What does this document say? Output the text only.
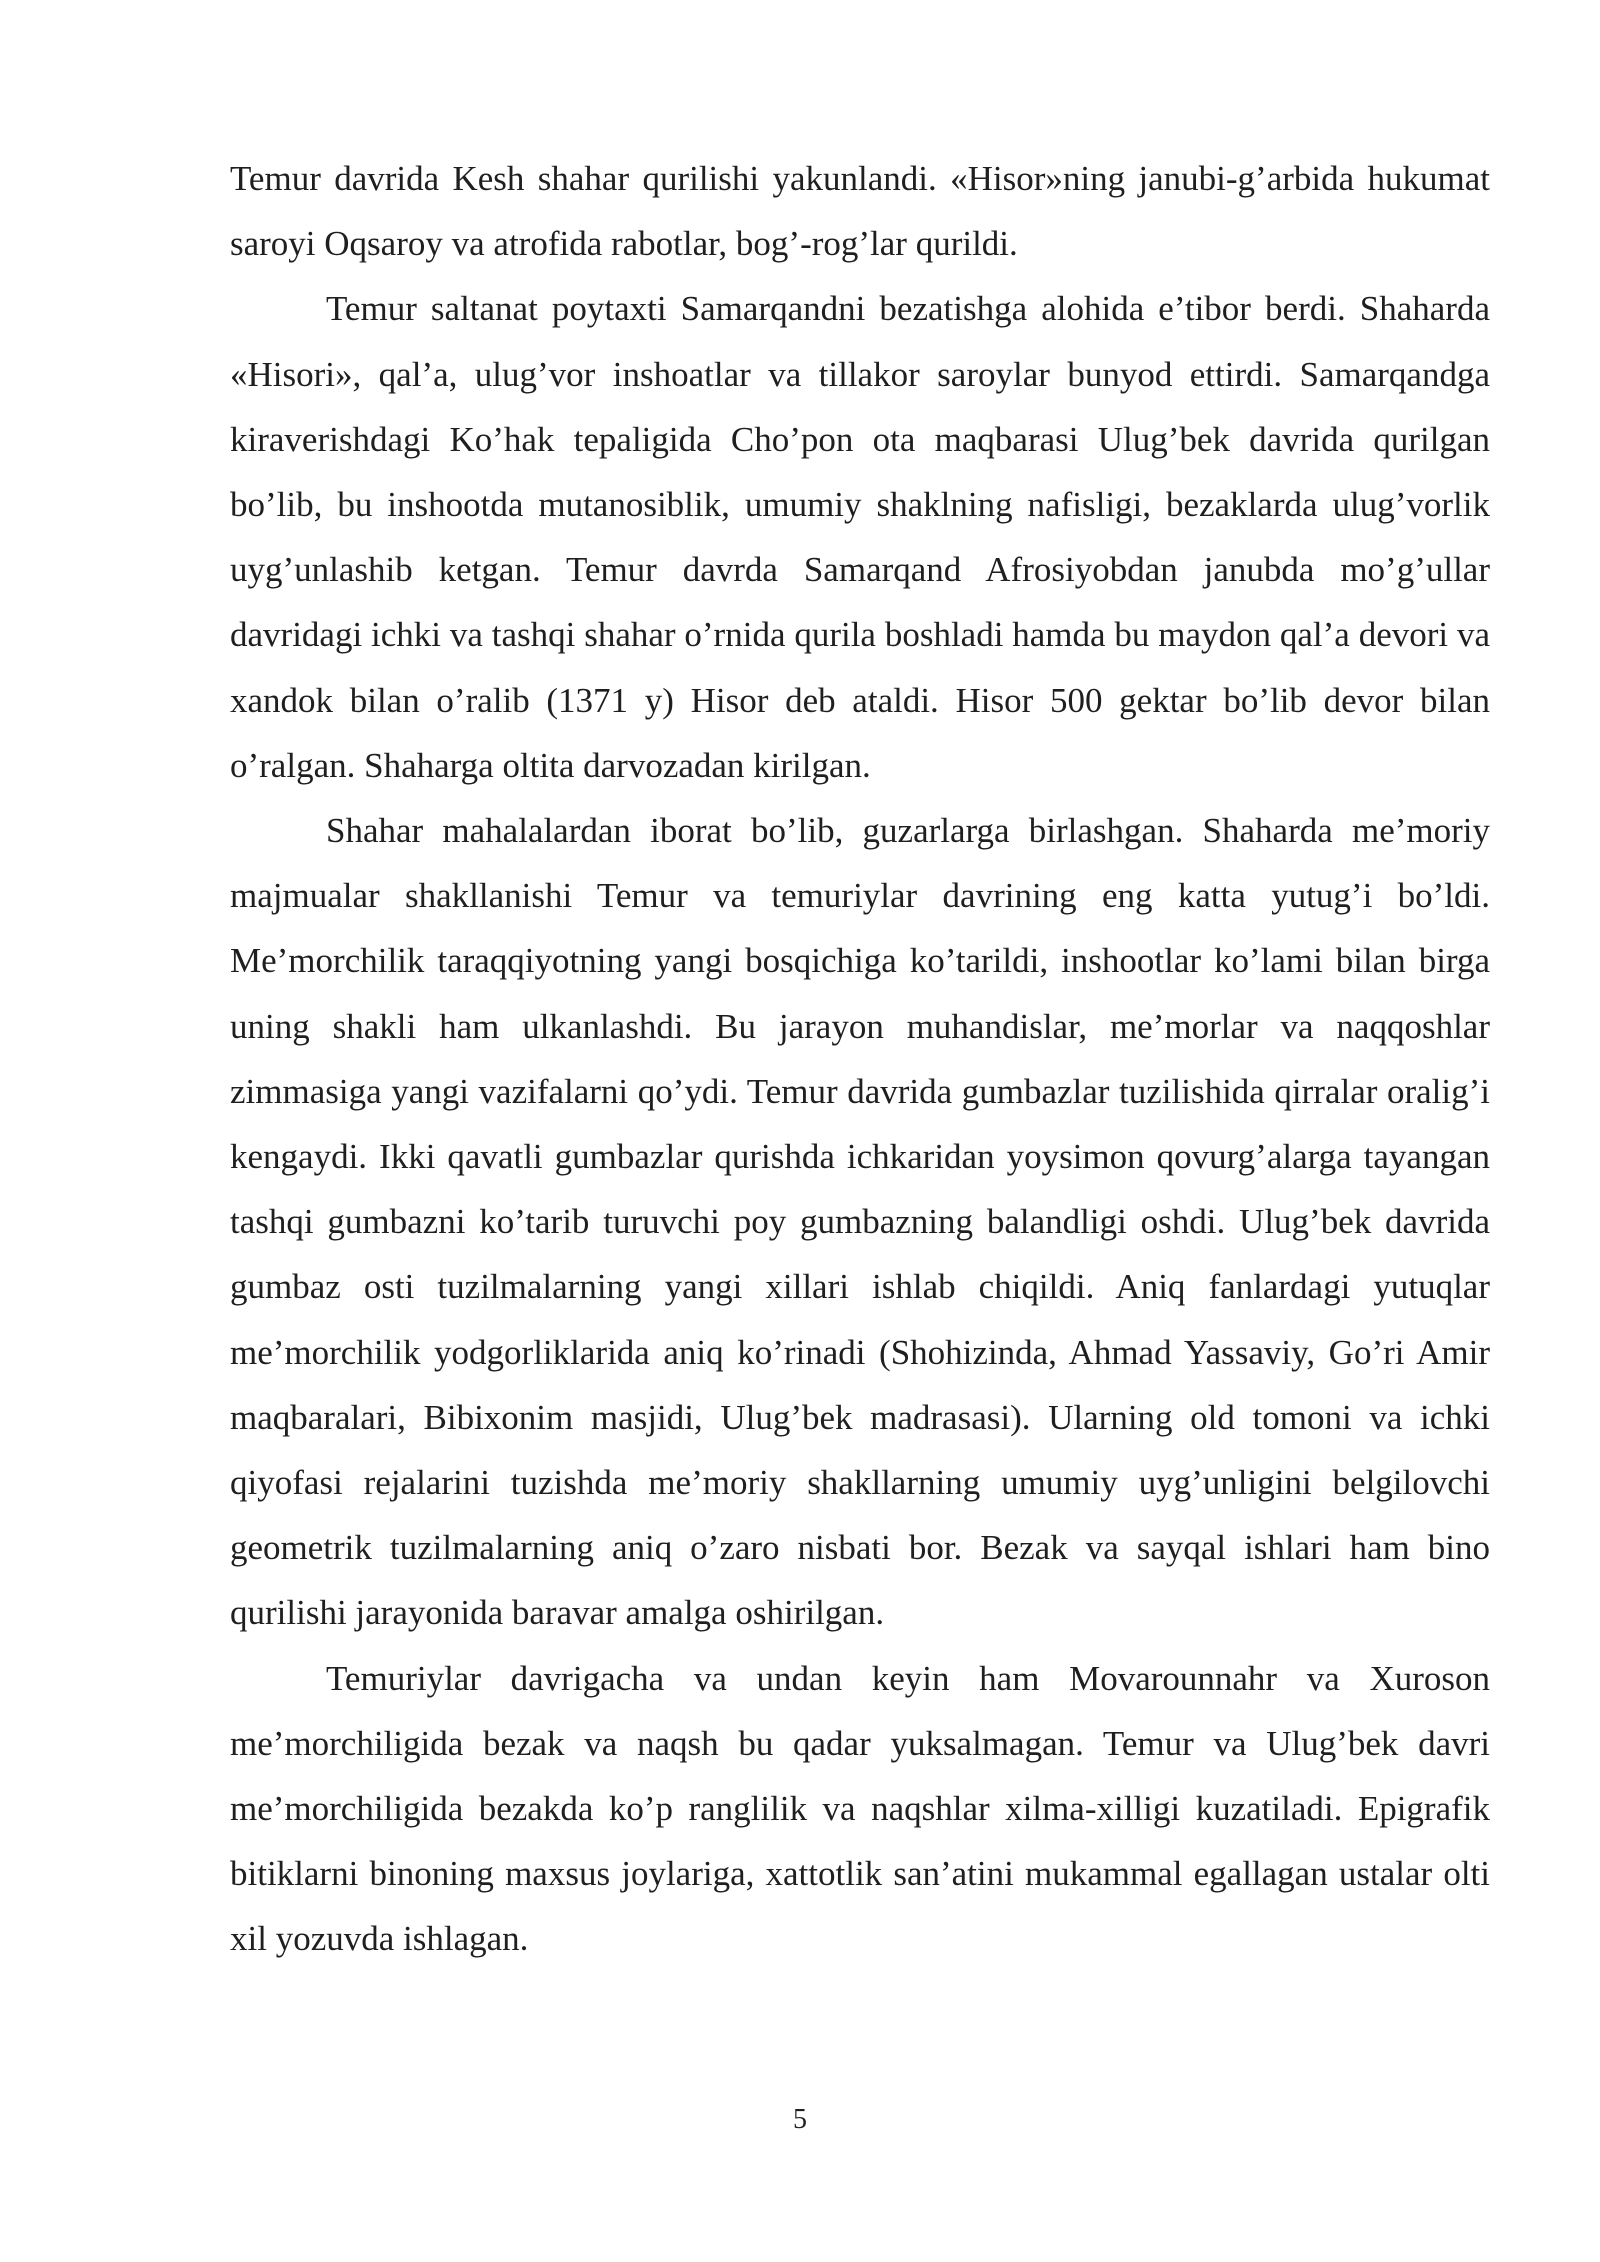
Temur davrida Kesh shahar qurilishi yakunlandi. «Hisor»ning janubi-g’arbida hukumat saroyi Oqsaroy va atrofida rabotlar, bog’-rog’lar qurildi.

Temur saltanat poytaxti Samarqandni bezatishga alohida e’tibor berdi. Shaharda «Hisori», qal’a, ulug’vor inshoatlar va tillakor saroylar bunyod ettirdi. Samarqandga kiraverishdagi Ko’hak tepaligida Cho’pon ota maqbarasi Ulug’bek davrida qurilgan bo’lib, bu inshootda mutanosiblik, umumiy shaklning nafisligi, bezaklarda ulug’vorlik uyg’unlashib ketgan. Temur davrda Samarqand Afrosiyobdan janubda mo’g’ullar davridagi ichki va tashqi shahar o’rnida qurila boshladi hamda bu maydon qal’a devori va xandok bilan o’ralib (1371 y) Hisor deb ataldi. Hisor 500 gektar bo’lib devor bilan o’ralgan. Shaharga oltita darvozadan kirilgan.

Shahar mahalalardan iborat bo’lib, guzarlarga birlashgan. Shaharda me’moriy majmualar shakllanishi Temur va temuriylar davrining eng katta yutug’i bo’ldi. Me’morchilik taraqqiyotning yangi bosqichiga ko’tarildi, inshootlar ko’lami bilan birga uning shakli ham ulkanlashdi. Bu jarayon muhandislar, me’morlar va naqqoshlar zimmasiga yangi vazifalarni qo’ydi. Temur davrida gumbazlar tuzilishida qirralar oralig’i kengaydi. Ikki qavatli gumbazlar qurishda ichkaridan yoysimon qovurg’alarga tayangan tashqi gumbazni ko’tarib turuvchi poy gumbazning balandligi oshdi. Ulug’bek davrida gumbaz osti tuzilmalarning yangi xillari ishlab chiqildi. Aniq fanlardagi yutuqlar me’morchilik yodgorliklarida aniq ko’rinadi (Shohizinda, Ahmad Yassaviy, Go’ri Amir maqbaralari, Bibixonim masjidi, Ulug’bek madrasasi). Ularning old tomoni va ichki qiyofasi rejalarini tuzishda me’moriy shakllarning umumiy uyg’unligini belgilovchi geometrik tuzilmalarning aniq o’zaro nisbati bor. Bezak va sayqal ishlari ham bino qurilishi jarayonida baravar amalga oshirilgan.

Temuriylar davrigacha va undan keyin ham Movarounnahr va Xuroson me’morchiligida bezak va naqsh bu qadar yuksalmagan. Temur va Ulug’bek davri me’morchiligida bezakda ko’p ranglilik va naqshlar xilma-xilligi kuzatiladi. Epigrafik bitiklarni binoning maxsus joylariga, xattotlik san’atini mukammal egallagan ustalar olti xil yozuvda ishlagan.

5
